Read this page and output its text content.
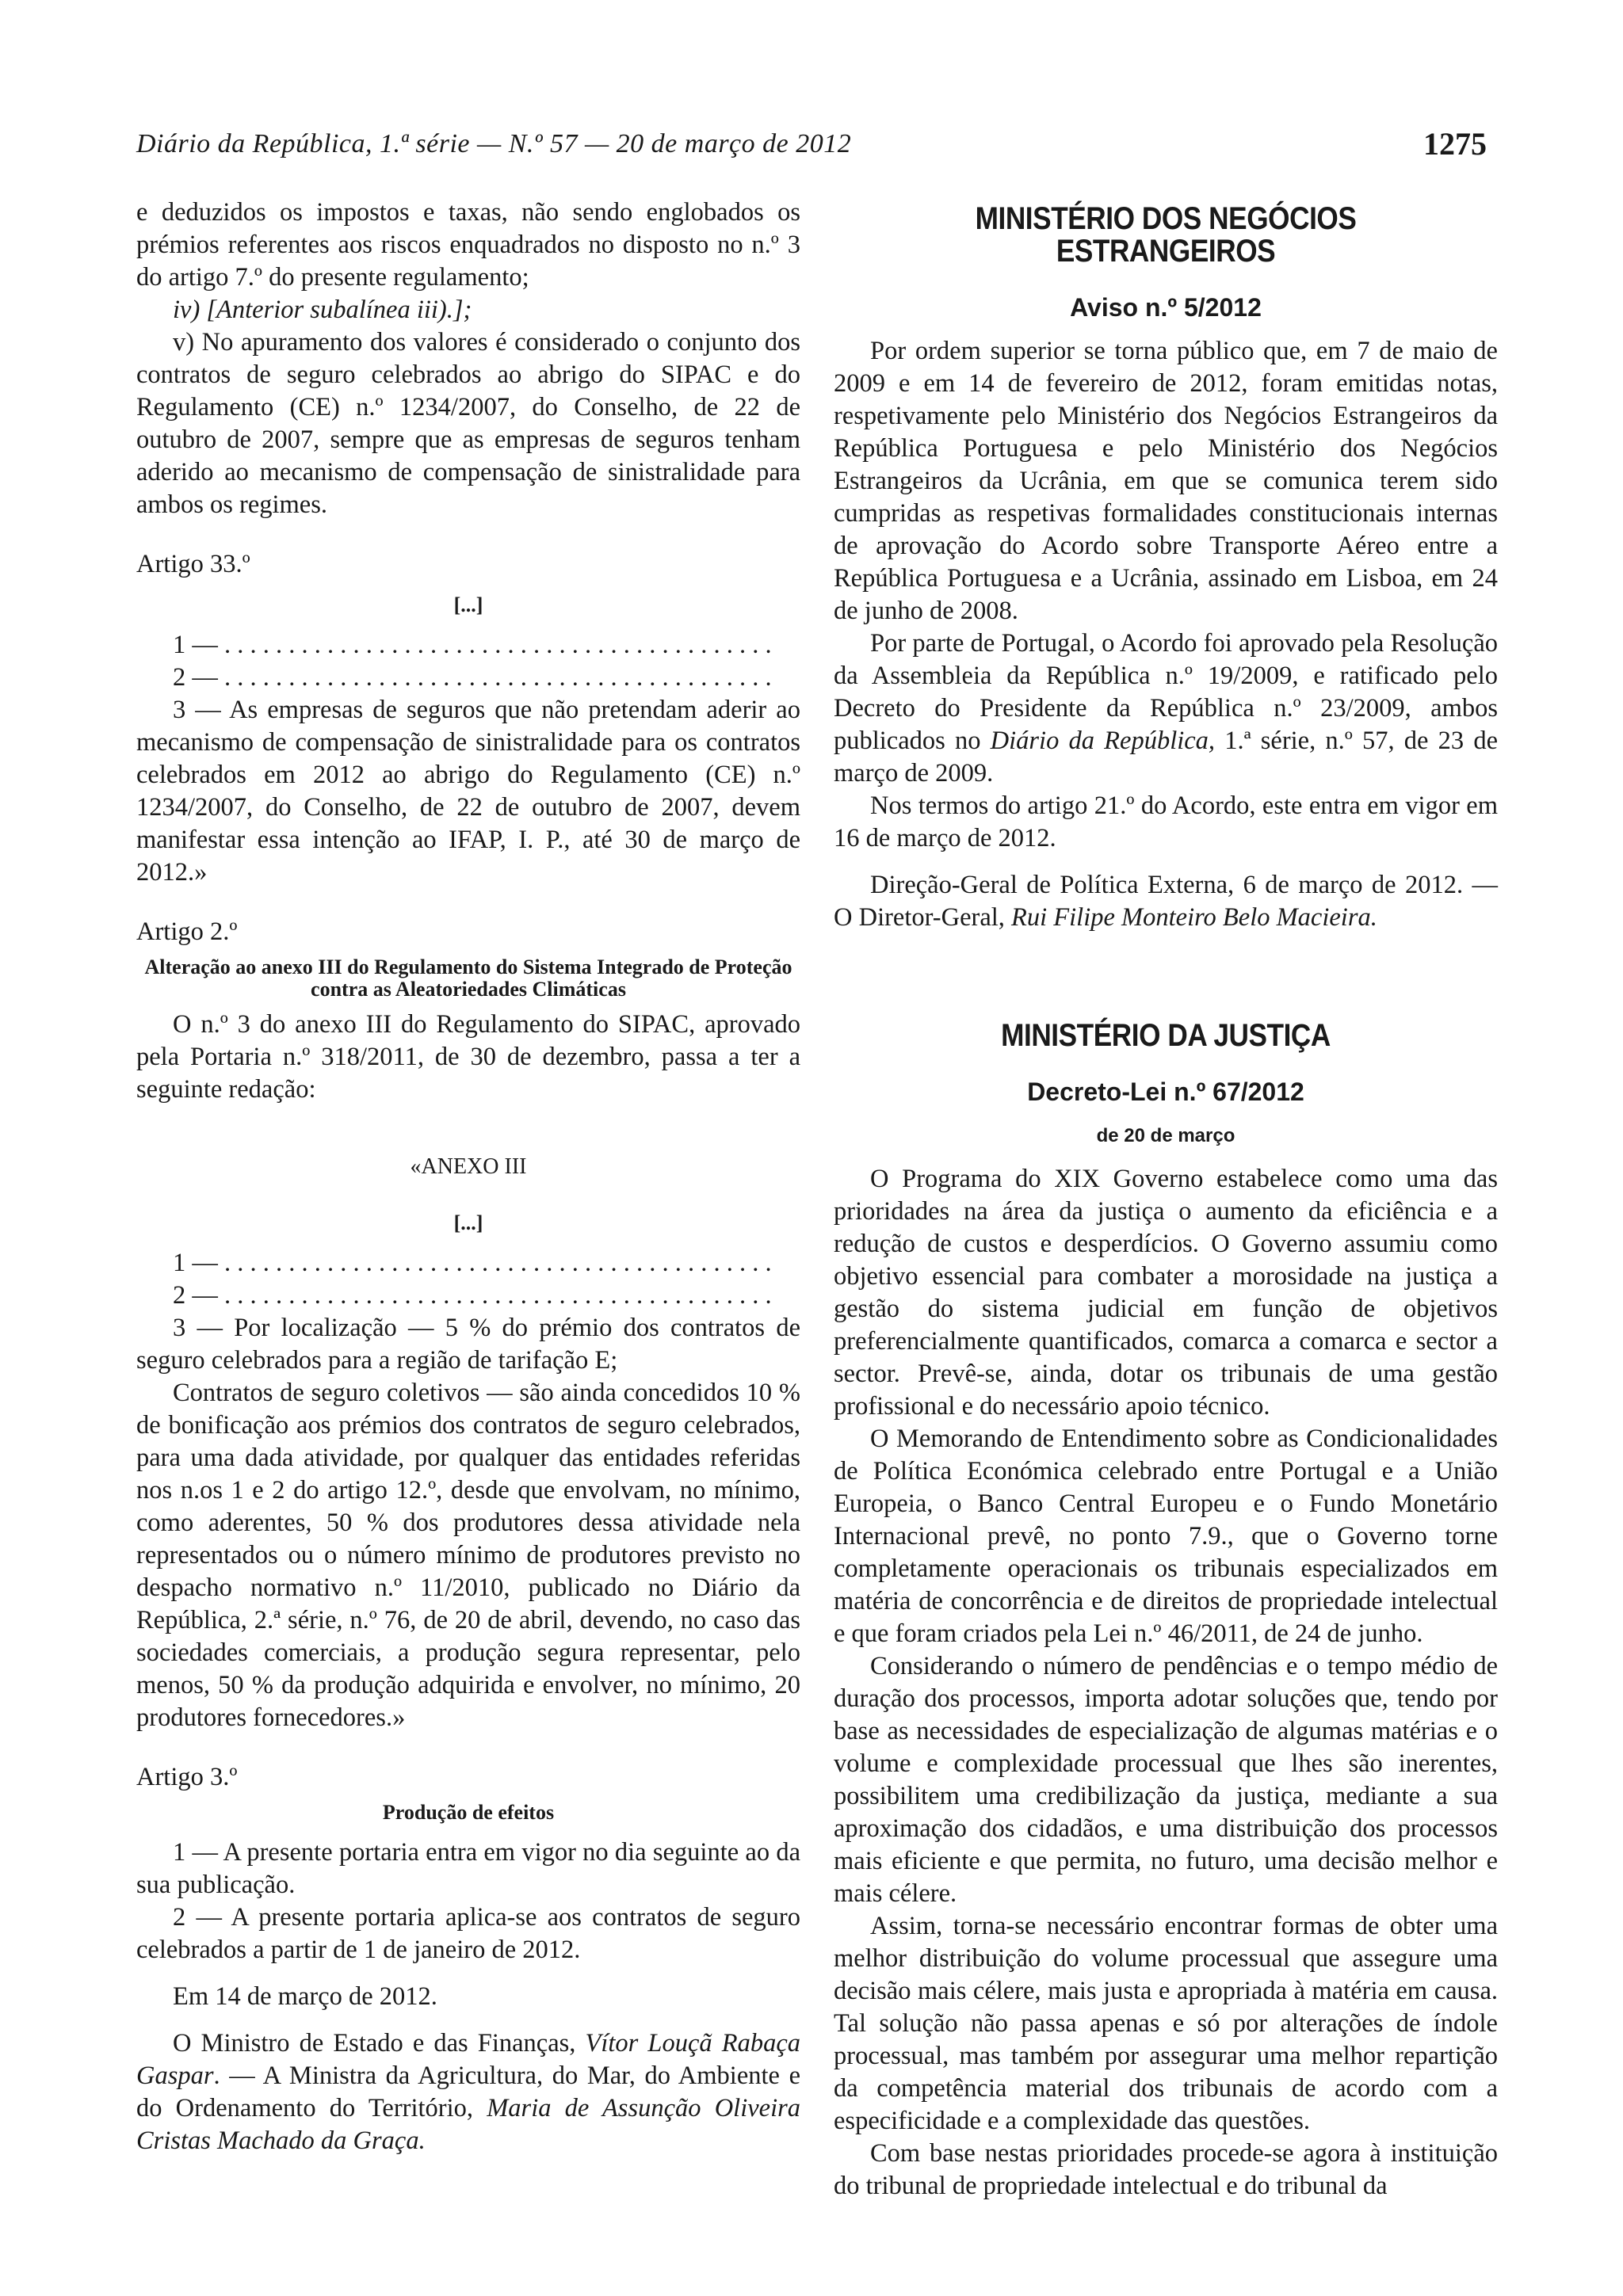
Diário da República, 1.ª série — N.º 57 — 20 de março de 2012	1275

e deduzidos os impostos e taxas, não sendo englobados os prémios referentes aos riscos enquadrados no disposto no n.º 3 do artigo 7.º do presente regulamento;

iv) [Anterior subalínea iii).];

v) No apuramento dos valores é considerado o conjunto dos contratos de seguro celebrados ao abrigo do SIPAC e do Regulamento (CE) n.º 1234/2007, do Conselho, de 22 de outubro de 2007, sempre que as empresas de seguros tenham aderido ao mecanismo de compensação de sinistralidade para ambos os regimes.

Artigo 33.º

[...]

1 — . . . . . . . . . . . . . . . . . . . . . . . . . . . . . . . . . . . . . . . . . . .

2 — . . . . . . . . . . . . . . . . . . . . . . . . . . . . . . . . . . . . . . . . . . .

3 — As empresas de seguros que não pretendam aderir ao mecanismo de compensação de sinistralidade para os contratos celebrados em 2012 ao abrigo do Regulamento (CE) n.º 1234/2007, do Conselho, de 22 de outubro de 2007, devem manifestar essa intenção ao IFAP, I. P., até 30 de março de 2012.»

Artigo 2.º

Alteração ao anexo III do Regulamento do Sistema Integrado de Proteção contra as Aleatoriedades Climáticas

O n.º 3 do anexo III do Regulamento do SIPAC, aprovado pela Portaria n.º 318/2011, de 30 de dezembro, passa a ter a seguinte redação:

«ANEXO III

[...]

1 — . . . . . . . . . . . . . . . . . . . . . . . . . . . . . . . . . . . . . . . . . . .

2 — . . . . . . . . . . . . . . . . . . . . . . . . . . . . . . . . . . . . . . . . . . .

3 — Por localização — 5 % do prémio dos contratos de seguro celebrados para a região de tarifação E;

Contratos de seguro coletivos — são ainda concedidos 10 % de bonificação aos prémios dos contratos de seguro celebrados, para uma dada atividade, por qualquer das entidades referidas nos n.os 1 e 2 do artigo 12.º, desde que envolvam, no mínimo, como aderentes, 50 % dos produtores dessa atividade nela representados ou o número mínimo de produtores previsto no despacho normativo n.º 11/2010, publicado no Diário da República, 2.ª série, n.º 76, de 20 de abril, devendo, no caso das sociedades comerciais, a produção segura representar, pelo menos, 50 % da produção adquirida e envolver, no mínimo, 20 produtores fornecedores.»

Artigo 3.º

Produção de efeitos

1 — A presente portaria entra em vigor no dia seguinte ao da sua publicação.

2 — A presente portaria aplica-se aos contratos de seguro celebrados a partir de 1 de janeiro de 2012.

Em 14 de março de 2012.

O Ministro de Estado e das Finanças, Vítor Louçã Rabaça Gaspar. — A Ministra da Agricultura, do Mar, do Ambiente e do Ordenamento do Território, Maria de Assunção Oliveira Cristas Machado da Graça.

MINISTÉRIO DOS NEGÓCIOS ESTRANGEIROS

Aviso n.º 5/2012

Por ordem superior se torna público que, em 7 de maio de 2009 e em 14 de fevereiro de 2012, foram emitidas notas, respetivamente pelo Ministério dos Negócios Estrangeiros da República Portuguesa e pelo Ministério dos Negócios Estrangeiros da Ucrânia, em que se comunica terem sido cumpridas as respetivas formalidades constitucionais internas de aprovação do Acordo sobre Transporte Aéreo entre a República Portuguesa e a Ucrânia, assinado em Lisboa, em 24 de junho de 2008.

Por parte de Portugal, o Acordo foi aprovado pela Resolução da Assembleia da República n.º 19/2009, e ratificado pelo Decreto do Presidente da República n.º 23/2009, ambos publicados no Diário da República, 1.ª série, n.º 57, de 23 de março de 2009.

Nos termos do artigo 21.º do Acordo, este entra em vigor em 16 de março de 2012.

Direção-Geral de Política Externa, 6 de março de 2012. — O Diretor-Geral, Rui Filipe Monteiro Belo Macieira.

MINISTÉRIO DA JUSTIÇA

Decreto-Lei n.º 67/2012

de 20 de março

O Programa do XIX Governo estabelece como uma das prioridades na área da justiça o aumento da eficiência e a redução de custos e desperdícios. O Governo assumiu como objetivo essencial para combater a morosidade na justiça a gestão do sistema judicial em função de objetivos preferencialmente quantificados, comarca a comarca e sector a sector. Prevê-se, ainda, dotar os tribunais de uma gestão profissional e do necessário apoio técnico.

O Memorando de Entendimento sobre as Condicionalidades de Política Económica celebrado entre Portugal e a União Europeia, o Banco Central Europeu e o Fundo Monetário Internacional prevê, no ponto 7.9., que o Governo torne completamente operacionais os tribunais especializados em matéria de concorrência e de direitos de propriedade intelectual e que foram criados pela Lei n.º 46/2011, de 24 de junho.

Considerando o número de pendências e o tempo médio de duração dos processos, importa adotar soluções que, tendo por base as necessidades de especialização de algumas matérias e o volume e complexidade processual que lhes são inerentes, possibilitem uma credibilização da justiça, mediante a sua aproximação dos cidadãos, e uma distribuição dos processos mais eficiente e que permita, no futuro, uma decisão melhor e mais célere.

Assim, torna-se necessário encontrar formas de obter uma melhor distribuição do volume processual que assegure uma decisão mais célere, mais justa e apropriada à matéria em causa. Tal solução não passa apenas e só por alterações de índole processual, mas também por assegurar uma melhor repartição da competência material dos tribunais de acordo com a especificidade e a complexidade das questões.

Com base nestas prioridades procede-se agora à instituição do tribunal de propriedade intelectual e do tribunal da
